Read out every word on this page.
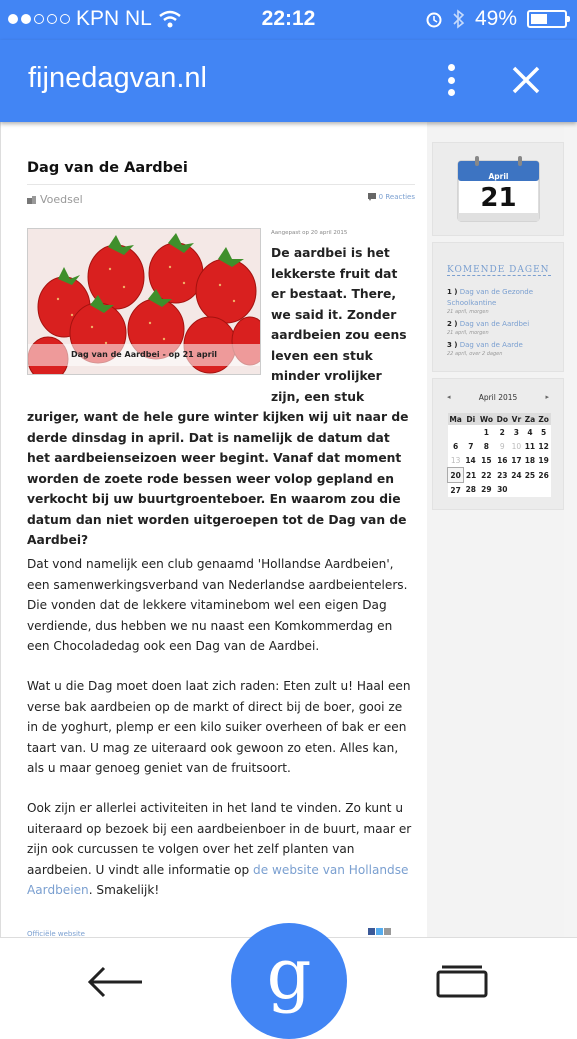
KPN NL	22:12	49%
fijnedagvan.nl
Dag van de Aardbei
Voedsel	0 Reacties
Dag van de Aardbei - op 21 april
Aangepast op 20 april 2015
De aardbei is het lekkerste fruit dat er bestaat. There, we said it. Zonder aardbeien zou eens leven een stuk minder vrolijker zijn, een stuk zuriger, want de hele gure winter kijken wij uit naar de derde dinsdag in april. Dat is namelijk de datum dat het aardbeienseizoen weer begint. Vanaf dat moment worden de zoete rode bessen weer volop gepland en verkocht bij uw buurtgroenteboer. En waarom zou die datum dan niet worden uitgeroepen tot de Dag van de Aardbei?

Dat vond namelijk een club genaamd 'Hollandse Aardbeien', een samenwerkingsverband van Nederlandse aardbeientelers. Die vonden dat de lekkere vitaminebom wel een eigen Dag verdiende, dus hebben we nu naast een Komkommerdag en een Chocoladedag ook een Dag van de Aardbei.

Wat u die Dag moet doen laat zich raden: Eten zult u! Haal een verse bak aardbeien op de markt of direct bij de boer, gooi ze in de yoghurt, plemp er een kilo suiker overheen of bak er een taart van. U mag ze uiteraard ook gewoon zo eten. Alles kan, als u maar genoeg geniet van de fruitsoort.

Ook zijn er allerlei activiteiten in het land te vinden. Zo kunt u uiteraard op bezoek bij een aardbeienboer in de buurt, maar er zijn ook curcussen te volgen over het zelf planten van aardbeien. U vindt alle informatie op de website van Hollandse Aardbeien. Smakelijk!

Officiële website
April
21
KOMENDE DAGEN
1 ) Dag van de Gezonde Schoolkantine
21 april, morgen
2 ) Dag van de Aardbei
21 april, morgen
3 ) Dag van de Aarde
22 april, over 2 dagen
◂	April 2015	▸
Ma	Di	Wo	Do	Vr	Za	Zo
		1	2	3	4	5
6	7	8	9	10	11	12
13	14	15	16	17	18	19
20	21	22	23	24	25	26
27	28	29	30			
g
